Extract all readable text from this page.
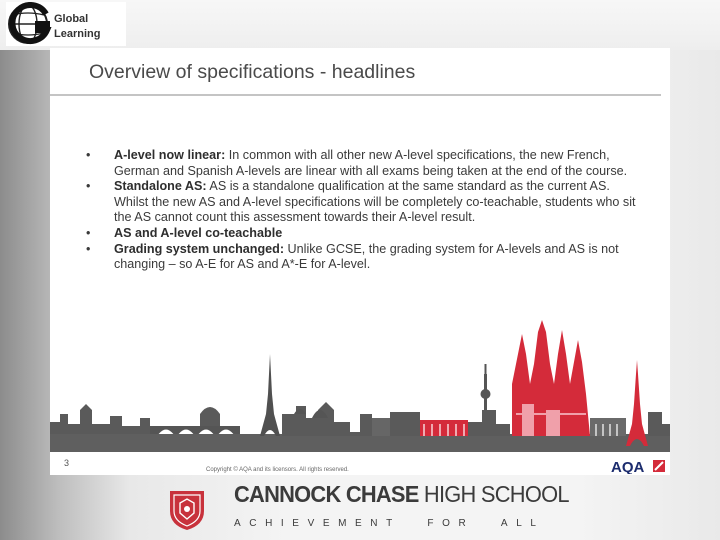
Global
Learning
Overview of specifications - headlines
• A-level now linear: In common with all other new A-level specifications, the new French, German and Spanish A-levels are linear with all exams being taken at the end of the course.
• Standalone AS: AS is a standalone qualification at the same standard as the current AS. Whilst the new AS and A-level specifications will be completely co-teachable, students who sit the AS cannot count this assessment towards their A-level result.
• AS and A-level co-teachable
• Grading system unchanged: Unlike GCSE, the grading system for A-levels and AS is not changing – so A-E for AS and A*-E for A-level.
3
Copyright © AQA and its licensors. All rights reserved.	AQA
CANNOCK CHASE HIGH SCHOOL
A C H I E V E M E N T	F O R	A L L
